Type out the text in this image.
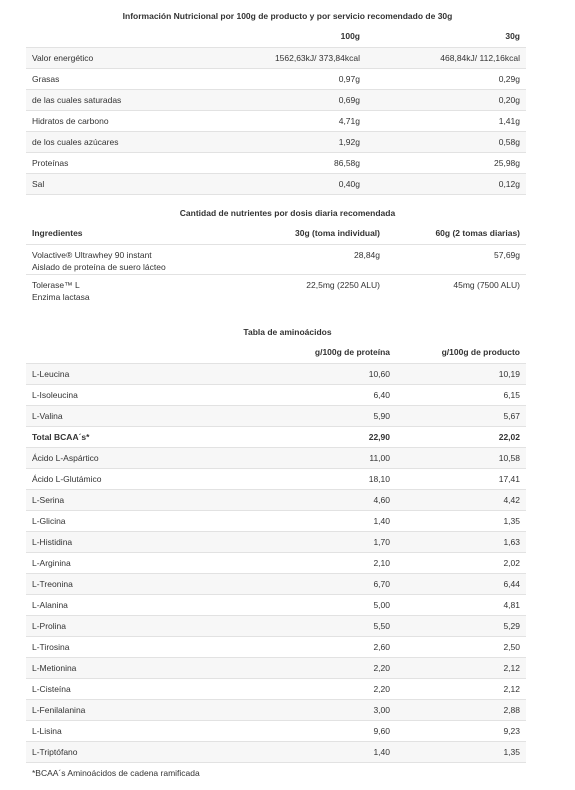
Información Nutricional por 100g de producto y por servicio recomendado de 30g
	100g	30g
Valor energético	1562,63kJ/ 373,84kcal	468,84kJ/ 112,16kcal
Grasas	0,97g	0,29g
de las cuales saturadas	0,69g	0,20g
Hidratos de carbono	4,71g	1,41g
de los cuales azúcares	1,92g	0,58g
Proteínas	86,58g	25,98g
Sal	0,40g	0,12g
Cantidad de nutrientes por dosis diaria recomendada
Ingredientes	30g (toma individual)	60g (2 tomas diarias)

Volactive® Ultrawhey 90 instant
Aislado de proteína de suero lácteo	28,84g	57,69g

Tolerase™ L
Enzima lactasa	22,5mg (2250 ALU)	45mg (7500 ALU)
Tabla de aminoácidos
	g/100g de proteína	g/100g de producto
L-Leucina	10,60	10,19
L-Isoleucina	6,40	6,15
L-Valina	5,90	5,67
Total BCAA´s*	22,90	22,02
Ácido L-Aspártico	11,00	10,58
Ácido L-Glutámico	18,10	17,41
L-Serina	4,60	4,42
L-Glicina	1,40	1,35
L-Histidina	1,70	1,63
L-Arginina	2,10	2,02
L-Treonina	6,70	6,44
L-Alanina	5,00	4,81
L-Prolina	5,50	5,29
L-Tirosina	2,60	2,50
L-Metionina	2,20	2,12
L-Cisteína	2,20	2,12
L-Fenilalanina	3,00	2,88
L-Lisina	9,60	9,23
L-Triptófano	1,40	1,35
*BCAA´s Aminoácidos de cadena ramificada		
